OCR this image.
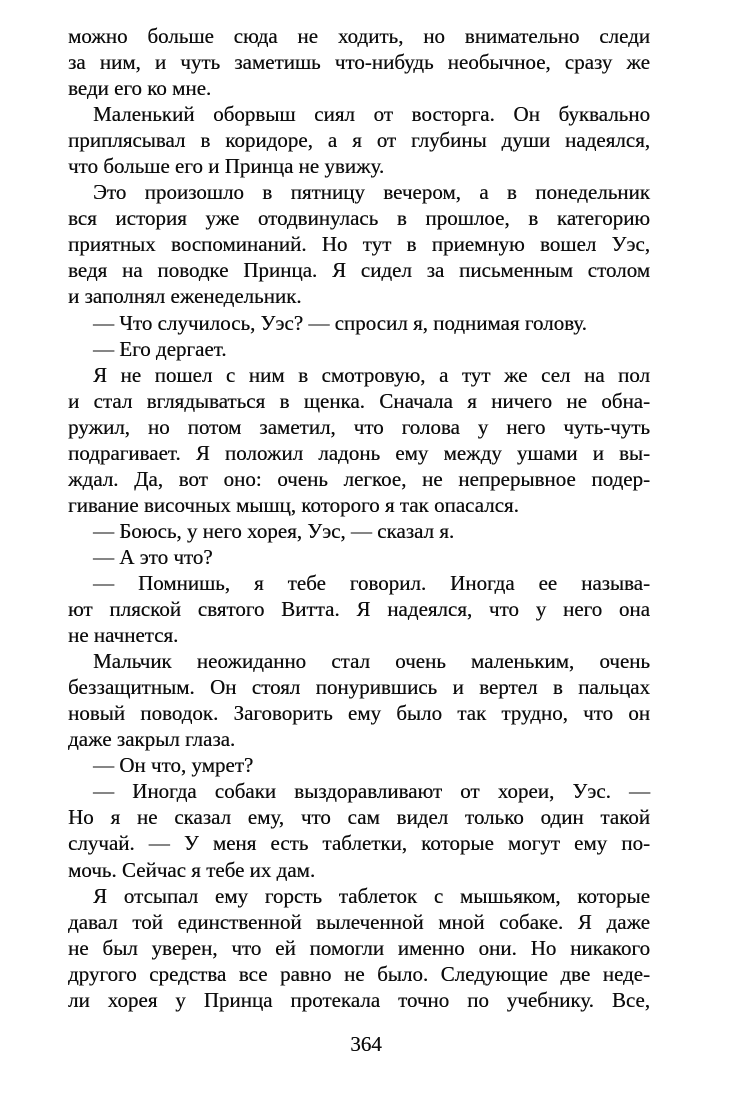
можно больше сюда не ходить, но внимательно следи
за ним, и чуть заметишь что-нибудь необычное, сразу же
веди его ко мне.
Маленький оборвыш сиял от восторга. Он буквально
приплясывал в коридоре, а я от глубины души надеялся,
что больше его и Принца не увижу.
Это произошло в пятницу вечером, а в понедельник
вся история уже отодвинулась в прошлое, в категорию
приятных воспоминаний. Но тут в приемную вошел Уэс,
ведя на поводке Принца. Я сидел за письменным столом
и заполнял еженедельник.
— Что случилось, Уэс? — спросил я, поднимая голову.
— Его дергает.
Я не пошел с ним в смотровую, а тут же сел на пол
и стал вглядываться в щенка. Сначала я ничего не обна-
ружил, но потом заметил, что голова у него чуть-чуть
подрагивает. Я положил ладонь ему между ушами и вы-
ждал. Да, вот оно: очень легкое, не непрерывное подер-
гивание височных мышц, которого я так опасался.
— Боюсь, у него хорея, Уэс, — сказал я.
— А это что?
— Помнишь, я тебе говорил. Иногда ее называ-
ют пляской святого Витта. Я надеялся, что у него она
не начнется.
Мальчик неожиданно стал очень маленьким, очень
беззащитным. Он стоял понурившись и вертел в пальцах
новый поводок. Заговорить ему было так трудно, что он
даже закрыл глаза.
— Он что, умрет?
— Иногда собаки выздоравливают от хореи, Уэс. —
Но я не сказал ему, что сам видел только один такой
случай. — У меня есть таблетки, которые могут ему по-
мочь. Сейчас я тебе их дам.
Я отсыпал ему горсть таблеток с мышьяком, которые
давал той единственной вылеченной мной собаке. Я даже
не был уверен, что ей помогли именно они. Но никакого
другого средства все равно не было. Следующие две неде-
ли хорея у Принца протекала точно по учебнику. Все,
364
